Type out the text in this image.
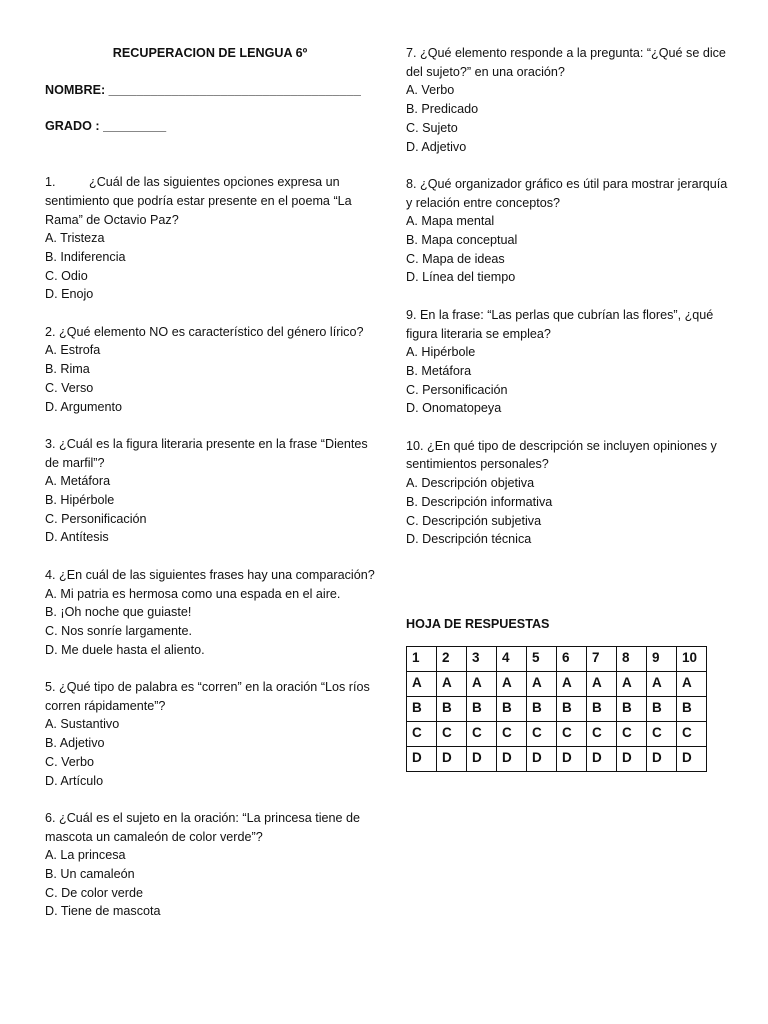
RECUPERACION DE LENGUA 6º
NOMBRE: ____________________________________
GRADO : _________
1.	¿Cuál de las siguientes opciones expresa un sentimiento que podría estar presente en el poema “La Rama” de Octavio Paz?
A. Tristeza
B. Indiferencia
C. Odio
D. Enojo
2. ¿Qué elemento NO es característico del género lírico?
A. Estrofa
B. Rima
C. Verso
D. Argumento
3. ¿Cuál es la figura literaria presente en la frase “Dientes de marfil”?
A. Metáfora
B. Hipérbole
C. Personificación
D. Antítesis
4. ¿En cuál de las siguientes frases hay una comparación?
A. Mi patria es hermosa como una espada en el aire.
B. ¡Oh noche que guiaste!
C. Nos sonríe largamente.
D. Me duele hasta el aliento.
5. ¿Qué tipo de palabra es “corren” en la oración “Los ríos corren rápidamente”?
A. Sustantivo
B. Adjetivo
C. Verbo
D. Artículo
6. ¿Cuál es el sujeto en la oración: “La princesa tiene de mascota un camaleón de color verde”?
A. La princesa
B. Un camaleón
C. De color verde
D. Tiene de mascota
7. ¿Qué elemento responde a la pregunta: “¿Qué se dice del sujeto?” en una oración?
A. Verbo
B. Predicado
C. Sujeto
D. Adjetivo
8. ¿Qué organizador gráfico es útil para mostrar jerarquía y relación entre conceptos?
A. Mapa mental
B. Mapa conceptual
C. Mapa de ideas
D. Línea del tiempo
9. En la frase: “Las perlas que cubrían las flores”, ¿qué figura literaria se emplea?
A. Hipérbole
B. Metáfora
C. Personificación
D. Onomatopeya
10. ¿En qué tipo de descripción se incluyen opiniones y sentimientos personales?
A. Descripción objetiva
B. Descripción informativa
C. Descripción subjetiva
D. Descripción técnica
HOJA DE RESPUESTAS
1	2	3	4	5	6	7	8	9	10
A	A	A	A	A	A	A	A	A	A
B	B	B	B	B	B	B	B	B	B
C	C	C	C	C	C	C	C	C	C
D	D	D	D	D	D	D	D	D	D
